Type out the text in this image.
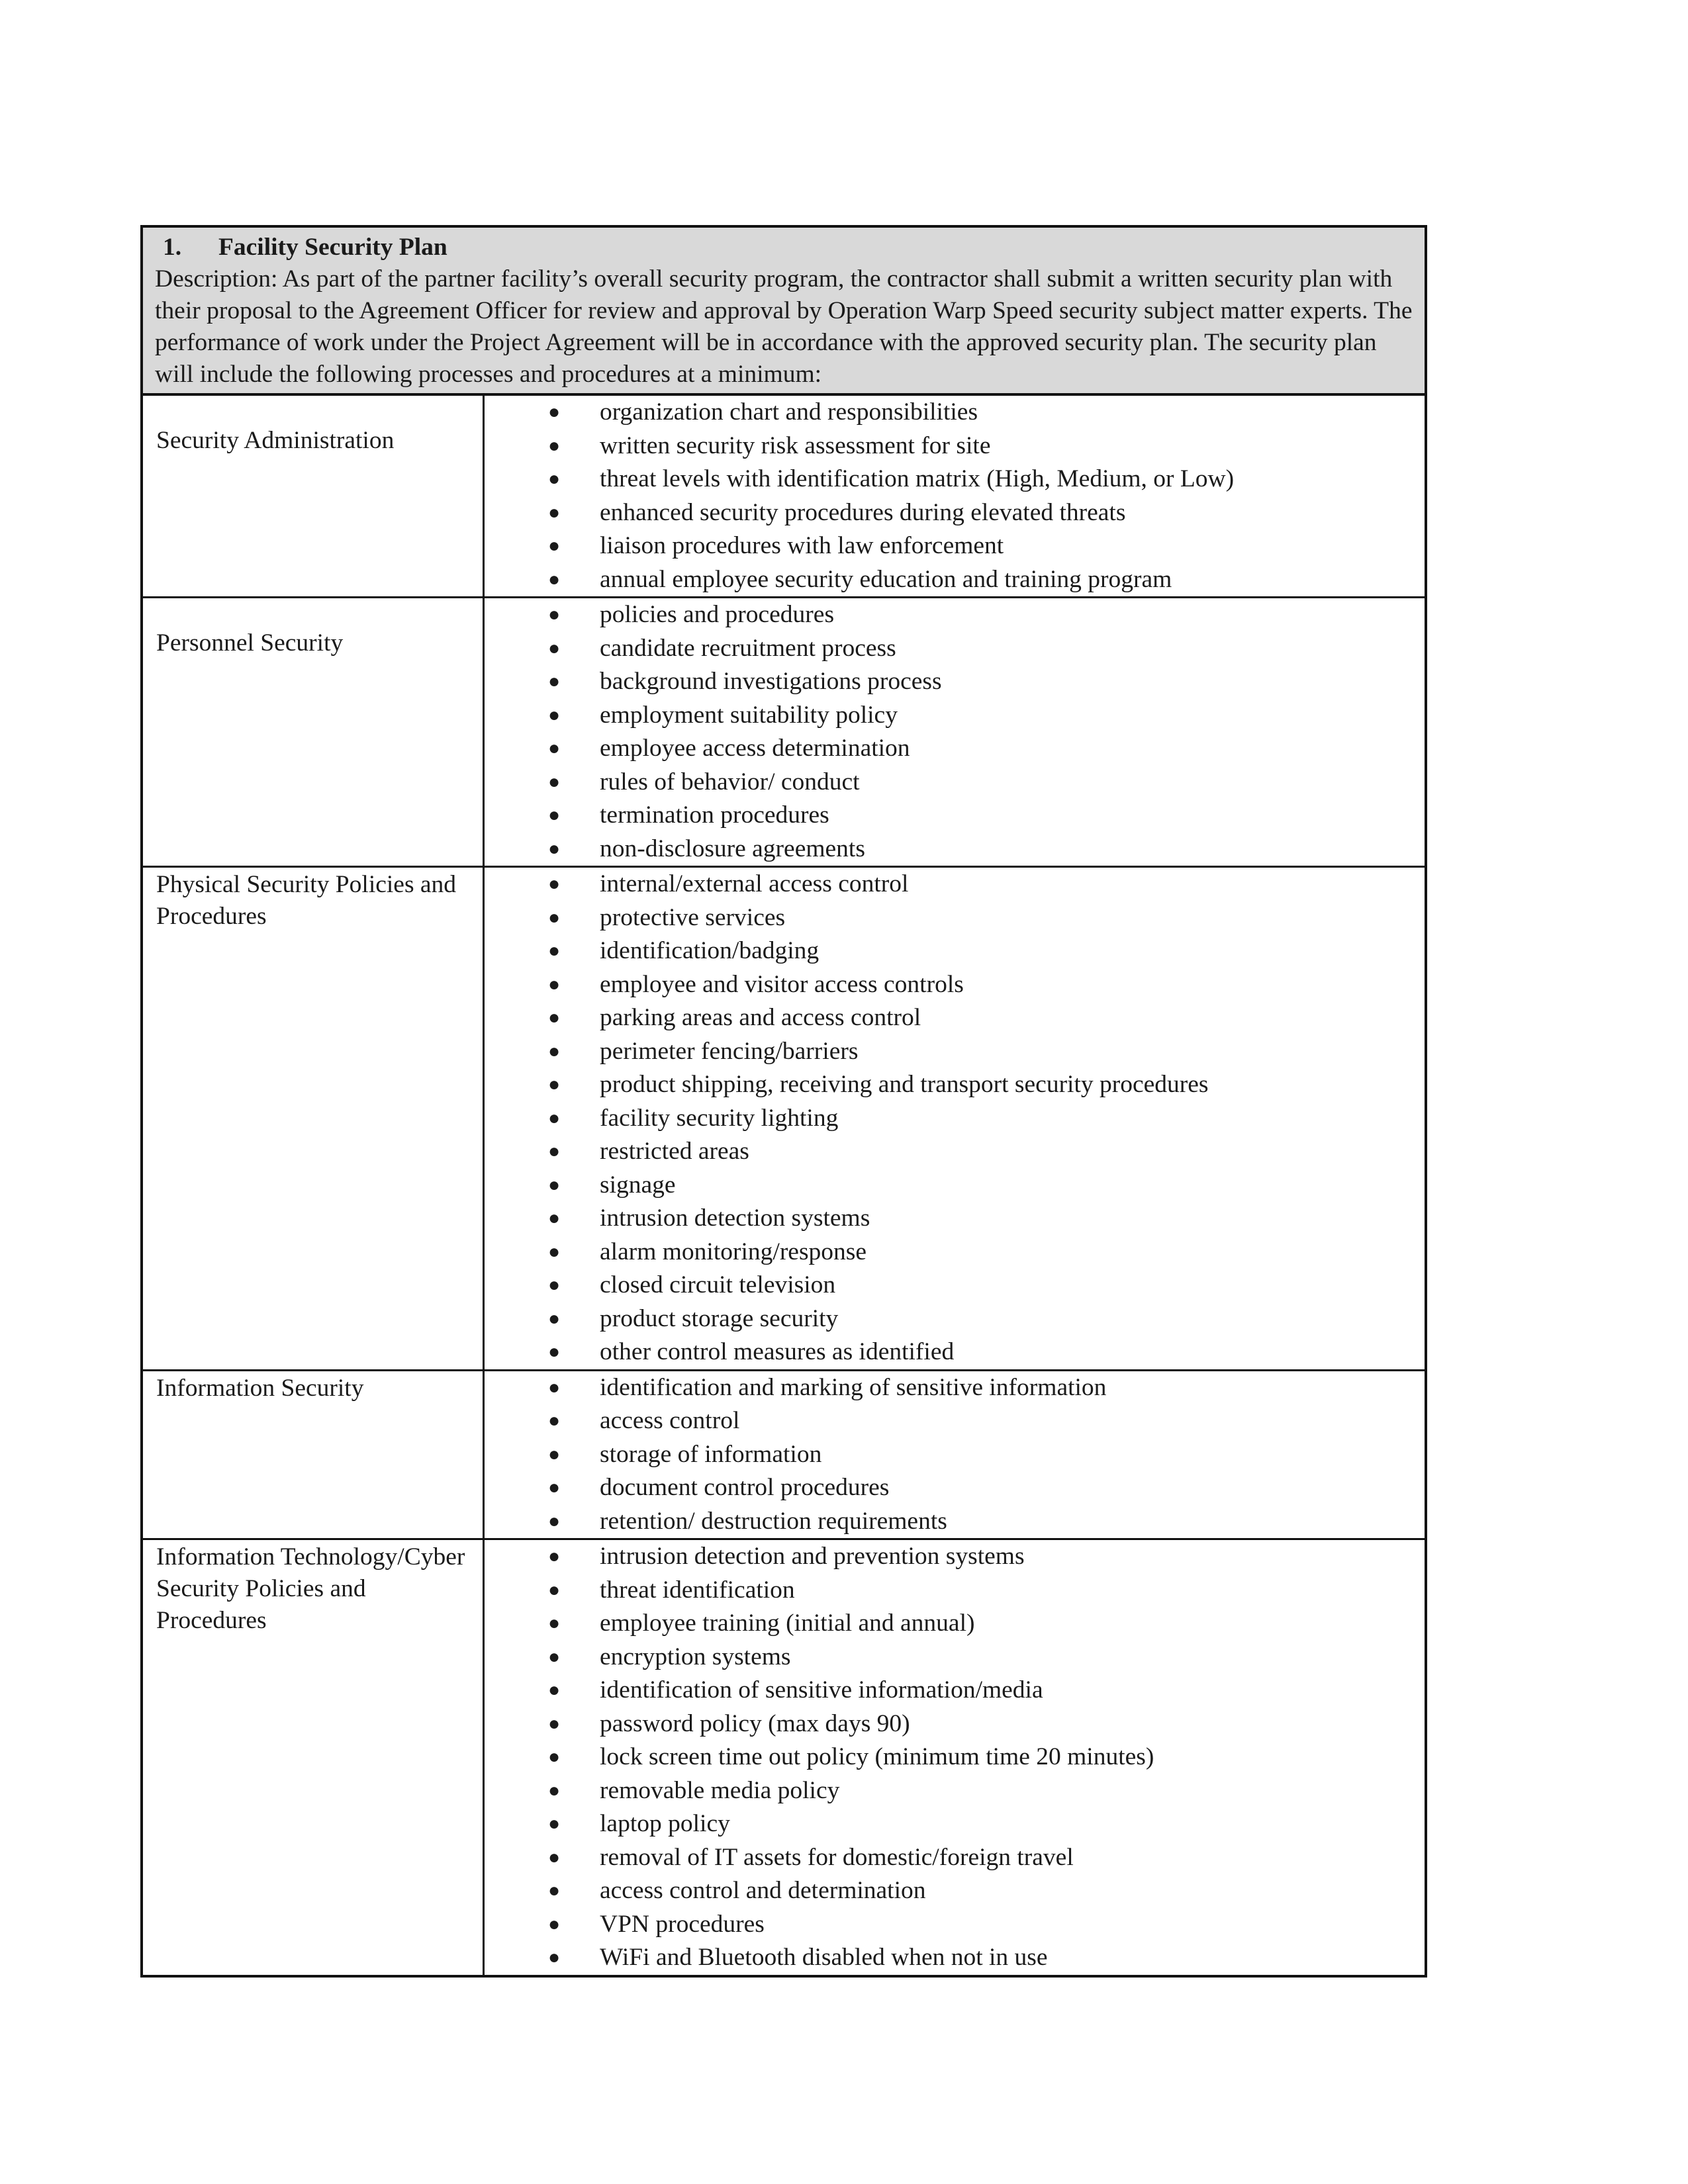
1. Facility Security Plan
Description: As part of the partner facility’s overall security program, the contractor shall submit a written security plan with their proposal to the Agreement Officer for review and approval by Operation Warp Speed security subject matter experts. The performance of work under the Project Agreement will be in accordance with the approved security plan. The security plan will include the following processes and procedures at a minimum:
Security Administration
● organization chart and responsibilities
● written security risk assessment for site
● threat levels with identification matrix (High, Medium, or Low)
● enhanced security procedures during elevated threats
● liaison procedures with law enforcement
● annual employee security education and training program
Personnel Security
● policies and procedures
● candidate recruitment process
● background investigations process
● employment suitability policy
● employee access determination
● rules of behavior/ conduct
● termination procedures
● non-disclosure agreements
Physical Security Policies and Procedures
● internal/external access control
● protective services
● identification/badging
● employee and visitor access controls
● parking areas and access control
● perimeter fencing/barriers
● product shipping, receiving and transport security procedures
● facility security lighting
● restricted areas
● signage
● intrusion detection systems
● alarm monitoring/response
● closed circuit television
● product storage security
● other control measures as identified
Information Security	● identification and marking of sensitive information
● access control
● storage of information
● document control procedures
● retention/ destruction requirements
Information Technology/Cyber Security Policies and Procedures
● intrusion detection and prevention systems
● threat identification
● employee training (initial and annual)
● encryption systems
● identification of sensitive information/media
● password policy (max days 90)
● lock screen time out policy (minimum time 20 minutes)
● removable media policy
● laptop policy
● removal of IT assets for domestic/foreign travel
● access control and determination
● VPN procedures
● WiFi and Bluetooth disabled when not in use
